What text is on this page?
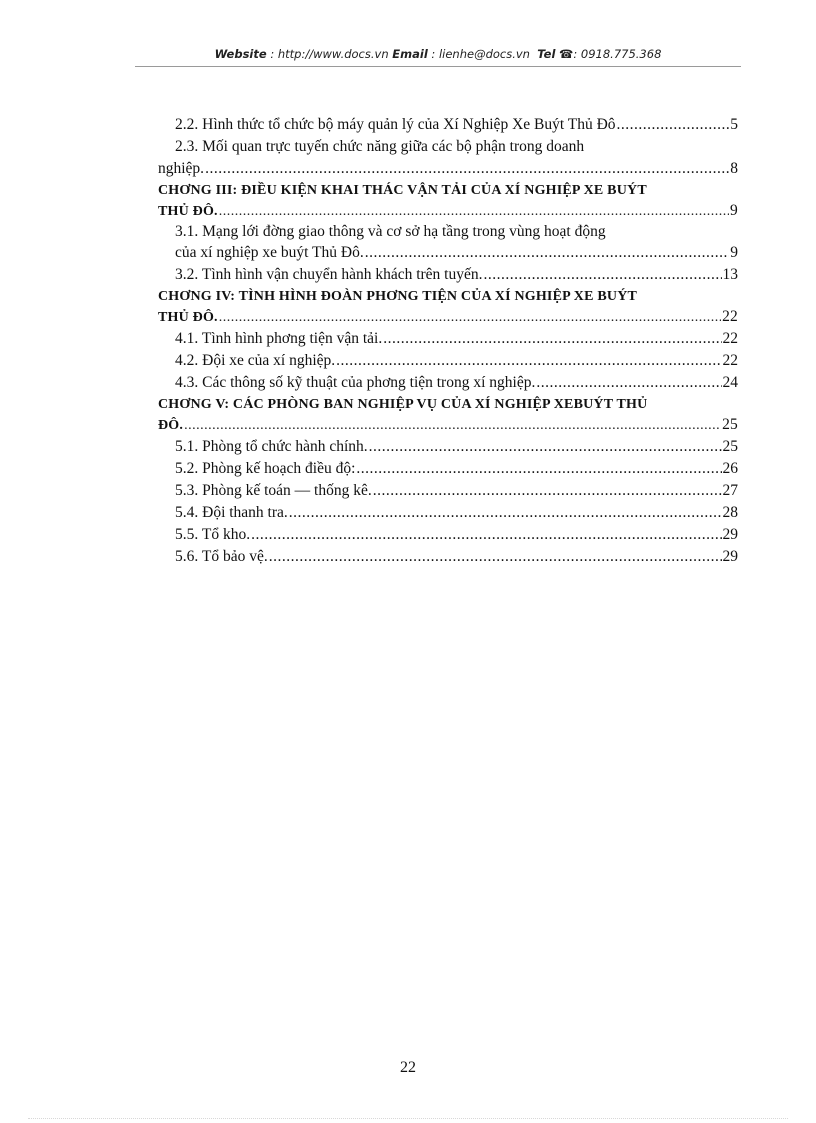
Website : http://www.docs.vn Email : lienhe@docs.vn Tel ☎: 0918.775.368
2.2. Hình thức tổ chức bộ máy quản lý của Xí Nghiệp Xe Buýt Thủ Đô .....	5
2.3. Mối quan trực tuyến chức năng giữa các bộ phận trong doanh
nghiệp. .....	8
CHƠNG III: ĐIỀU KIỆN KHAI THÁC VẬN TẢI CỦA XÍ NGHIỆP XE BUÝT
THỦ ĐÔ. .....	9
3.1. Mạng lới đờng giao thông và cơ sở hạ tầng trong vùng hoạt động
của xí nghiệp xe buýt Thủ Đô. .....	9
3.2. Tình hình vận chuyển hành khách trên tuyến. .....	13
CHƠNG IV: TÌNH HÌNH ĐOÀN PHƠNG TIỆN CỦA XÍ NGHIỆP XE BUÝT
THỦ ĐÔ. .....	22
4.1. Tình hình phơng tiện vận tải. .....	22
4.2. Đội xe của xí nghiệp. .....	22
4.3. Các thông số kỹ thuật của phơng tiện trong xí nghiệp. .....	24
CHƠNG V: CÁC PHÒNG BAN NGHIỆP VỤ CỦA XÍ NGHIỆP XEBUÝT THỦ
ĐÔ. .....	25
5.1. Phòng tổ chức hành chính. .....	25
5.2. Phòng kế hoạch điều độ: .....	26
5.3. Phòng kế toán — thống kê. .....	27
5.4. Đội thanh tra. .....	28
5.5. Tổ kho. .....	29
5.6. Tổ bảo vệ. .....	29
22
